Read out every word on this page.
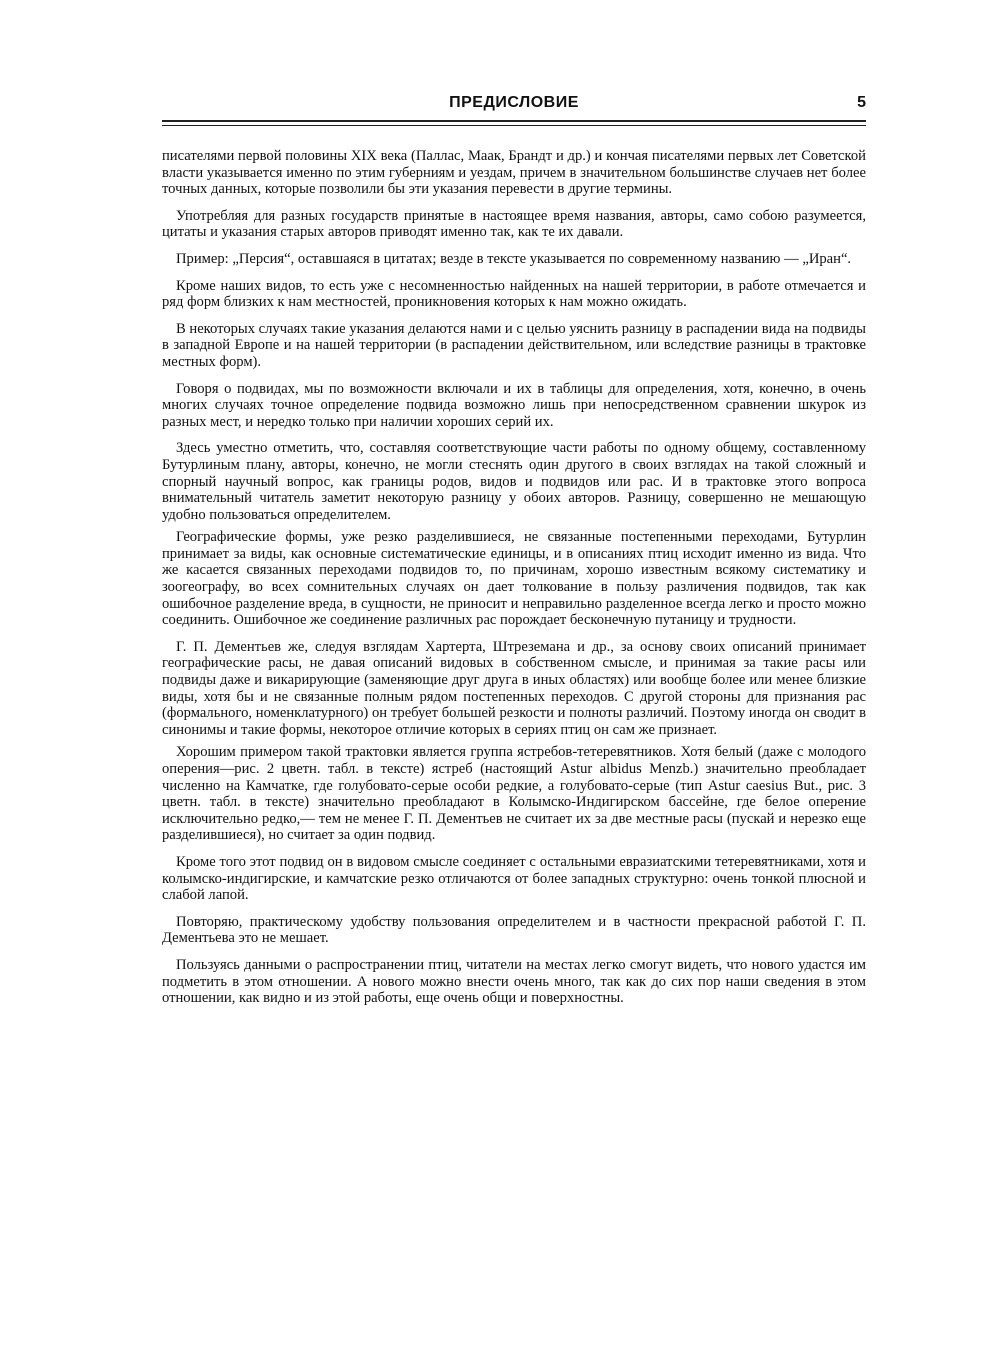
ПРЕДИСЛОВИЕ	5

писателями первой половины XIX века (Паллас, Маак, Брандт и др.) и кончая писателями первых лет Советской власти указывается именно по этим губерниям и уездам, причем в значительном большинстве случаев нет более точных данных, которые позволили бы эти указания перевести в другие термины.

Употребляя для разных государств принятые в настоящее время названия, авторы, само собою разумеется, цитаты и указания старых авторов приводят именно так, как те их давали.

Пример: „Персия“, оставшаяся в цитатах; везде в тексте указывается по современному названию — „Иран“.

Кроме наших видов, то есть уже с несомненностью найденных на нашей территории, в работе отмечается и ряд форм близких к нам местностей, проникновения которых к нам можно ожидать.

В некоторых случаях такие указания делаются нами и с целью уяснить разницу в распадении вида на подвиды в западной Европе и на нашей территории (в распадении действительном, или вследствие разницы в трактовке местных форм).

Говоря о подвидах, мы по возможности включали и их в таблицы для определения, хотя, конечно, в очень многих случаях точное определение подвида возможно лишь при непосредственном сравнении шкурок из разных мест, и нередко только при наличии хороших серий их.

Здесь уместно отметить, что, составляя соответствующие части работы по одному общему, составленному Бутурлиным плану, авторы, конечно, не могли стеснять один другого в своих взглядах на такой сложный и спорный научный вопрос, как границы родов, видов и подвидов или рас. И в трактовке этого вопроса внимательный читатель заметит некоторую разницу у обоих авторов. Разницу, совершенно не мешающую удобно пользоваться определителем.

Географические формы, уже резко разделившиеся, не связанные постепенными переходами, Бутурлин принимает за виды, как основные систематические единицы, и в описаниях птиц исходит именно из вида. Что же касается связанных переходами подвидов то, по причинам, хорошо известным всякому систематику и зоогеографу, во всех сомнительных случаях он дает толкование в пользу различения подвидов, так как ошибочное разделение вреда, в сущности, не приносит и неправильно разделенное всегда легко и просто можно соединить. Ошибочное же соединение различных рас порождает бесконечную путаницу и трудности.

Г. П. Дементьев же, следуя взглядам Хартерта, Штреземана и др., за основу своих описаний принимает географические расы, не давая описаний видовых в собственном смысле, и принимая за такие расы или подвиды даже и викарирующие (заменяющие друг друга в иных областях) или вообще более или менее близкие виды, хотя бы и не связанные полным рядом постепенных переходов. С другой стороны для признания рас (формального, номенклатурного) он требует большей резкости и полноты различий. Поэтому иногда он сводит в синонимы и такие формы, некоторое отличие которых в сериях птиц он сам же признает.

Хорошим примером такой трактовки является группа ястребов-тетеревятников. Хотя белый (даже с молодого оперения—рис. 2 цветн. табл. в тексте) ястреб (настоящий Astur albidus Menzb.) значительно преобладает численно на Камчатке, где голубовато-серые особи редкие, а голубовато-серые (тип Astur caesius But., рис. 3 цветн. табл. в тексте) значительно преобладают в Колымско-Индигирском бассейне, где белое оперение исключительно редко,— тем не менее Г. П. Дементьев не считает их за две местные расы (пускай и нерезко еще разделившиеся), но считает за один подвид.

Кроме того этот подвид он в видовом смысле соединяет с остальными евразиатскими тетеревятниками, хотя и колымско-индигирские, и камчатские резко отличаются от более западных структурно: очень тонкой плюсной и слабой лапой.

Повторяю, практическому удобству пользования определителем и в частности прекрасной работой Г. П. Дементьева это не мешает.

Пользуясь данными о распространении птиц, читатели на местах легко смогут видеть, что нового удастся им подметить в этом отношении. А нового можно внести очень много, так как до сих пор наши сведения в этом отношении, как видно и из этой работы, еще очень общи и поверхностны.
